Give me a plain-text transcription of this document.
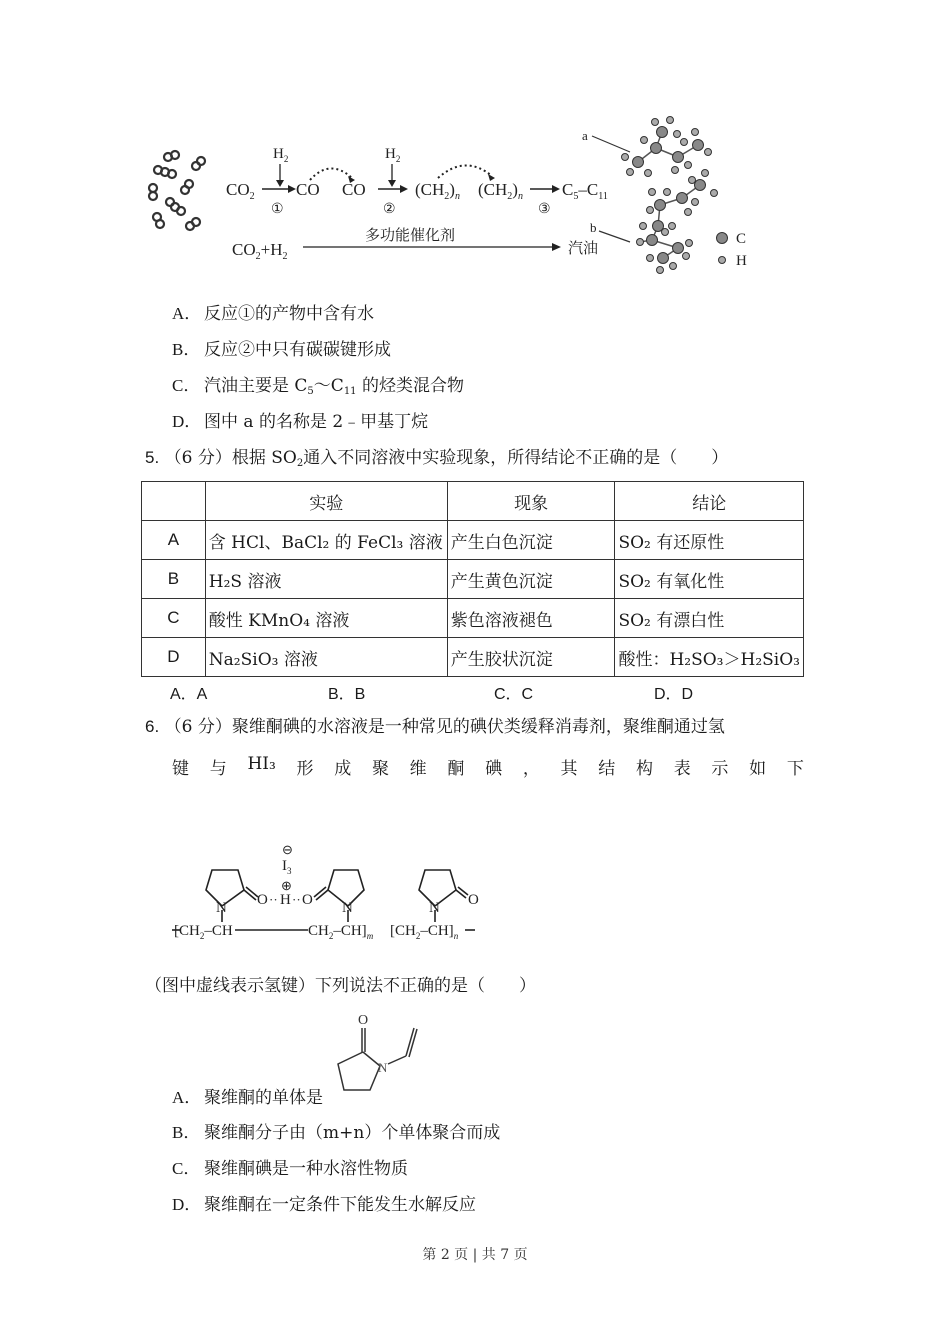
$CO_2$
$H_2$
CO
①
CO
$H_2$
②
$(CH_2)_n$ $(CH_2)_n$
③
$C_5-C_{11}$
$CO_2+H_2$
多功能催化剂
汽油
a
b
C
H
A． 反应①的产物中含有水
B． 反应②中只有碳碳键形成
C． 汽油主要是 $C_5\sim C_{11}$ 的烃类混合物
D． 图中 a 的名称是 2﹣甲基丁烷
5. （6 分）根据 $SO_2$通入不同溶液中实验现象，所得结论不正确的是（　　）
	实验	现象	结论
A	含 HCl、BaCl₂ 的 FeCl₃ 溶液	产生白色沉淀	SO₂ 有还原性
B	H₂S 溶液	产生黄色沉淀	SO₂ 有氧化性
C	酸性 KMnO₄ 溶液	紫色溶液褪色	SO₂ 有漂白性
D	Na₂SiO₃ 溶液	产生胶状沉淀	酸性：H₂SO₃＞H₂SiO₃
A．A	B．B	C．C	D．D
6. （6 分）聚维酮碘的水溶液是一种常见的碘伏类缓释消毒剂，聚维酮通过氢
键 与 HI₃ 形 成 聚 维 酮 碘 ， 其 结 构 表 示 如 下
N O ·· H ·· O N	N O
⊖
$I_3$
⊕
[$CH_2-CH$	$CH_2-CH]_m$ $[CH_2-CH]_n$
（图中虚线表示氢键）下列说法不正确的是（　　）
O
N
A． 聚维酮的单体是
B． 聚维酮分子由（m+n）个单体聚合而成
C． 聚维酮碘是一种水溶性物质
D． 聚维酮在一定条件下能发生水解反应
第 2 页 | 共 7 页
